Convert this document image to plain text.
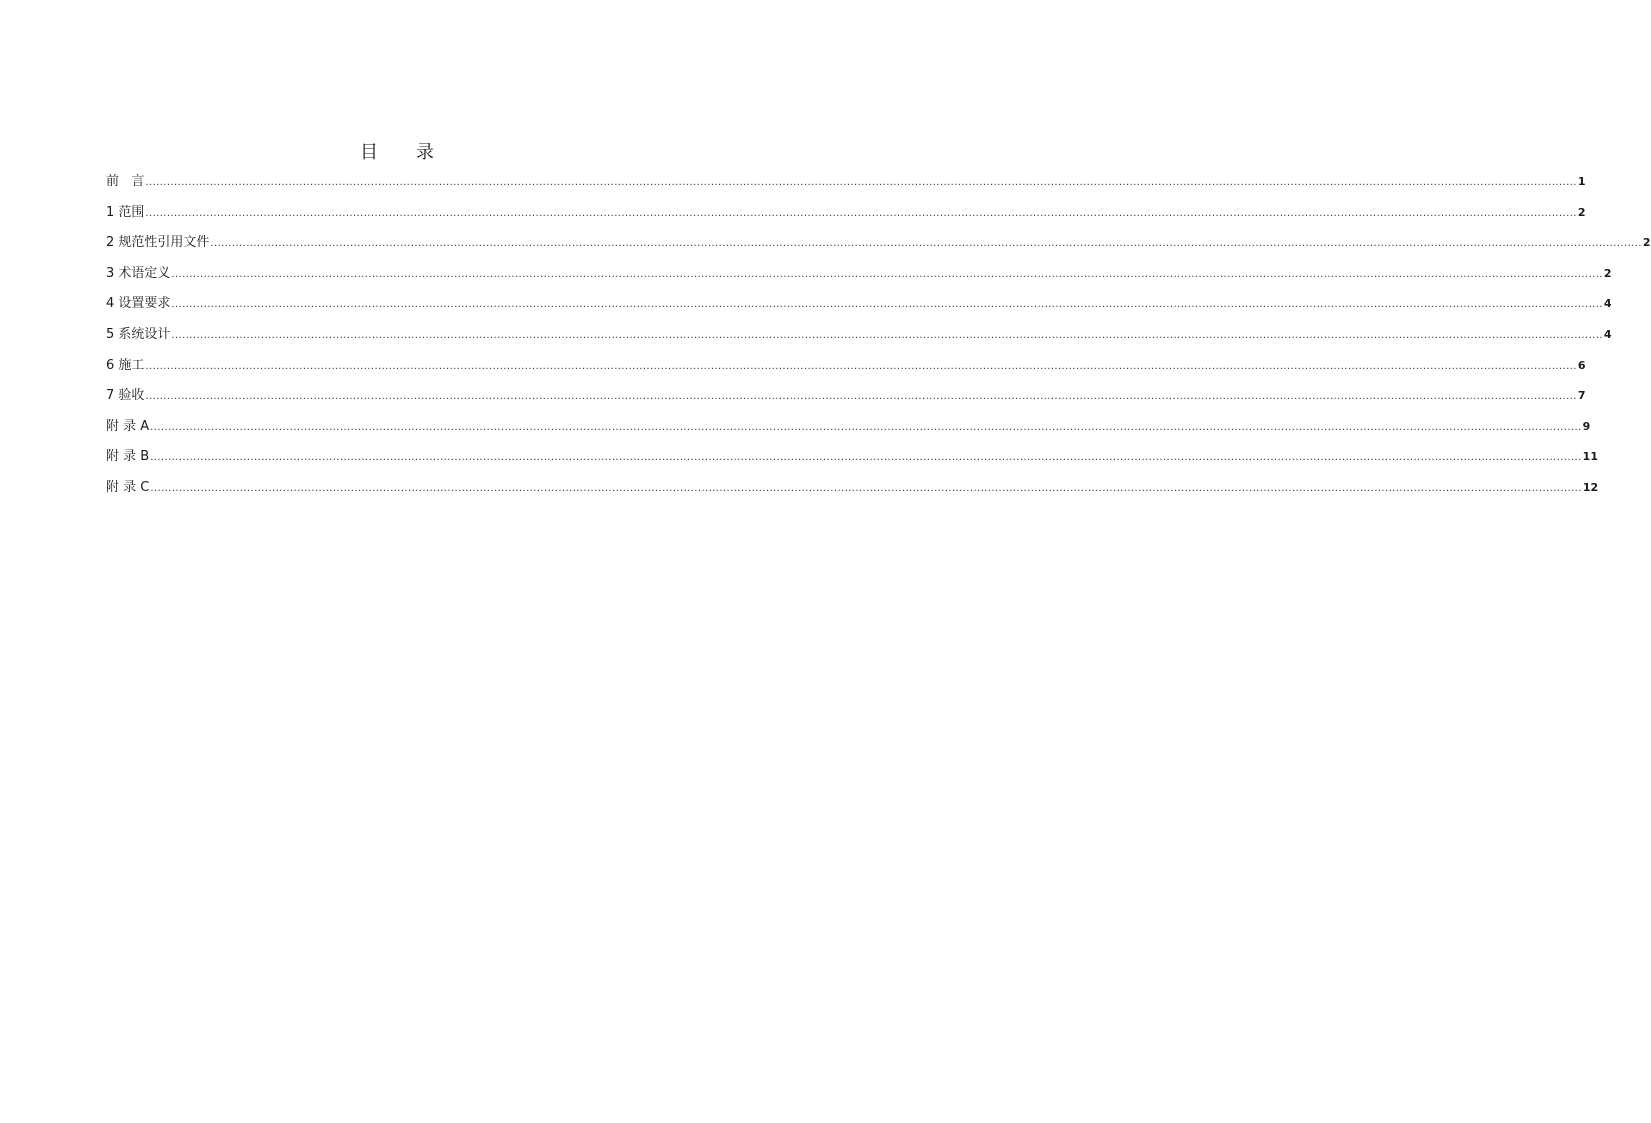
目 录
前   言 ................................................................................................................................................................................................................................................................................................................................................................................................................ 1
1 范围 ................................................................................................................................................................................................................................................................................................................................................................................................................ 2
2 规范性引用文件 ................................................................................................................................................................................................................................................................................................................................................................................................................ 2
3 术语定义 ................................................................................................................................................................................................................................................................................................................................................................................................................ 2
4 设置要求 ................................................................................................................................................................................................................................................................................................................................................................................................................ 4
5 系统设计 ................................................................................................................................................................................................................................................................................................................................................................................................................ 4
6 施工 ................................................................................................................................................................................................................................................................................................................................................................................................................ 6
7 验收 ................................................................................................................................................................................................................................................................................................................................................................................................................ 7
附 录 A ................................................................................................................................................................................................................................................................................................................................................................................................................ 9
附 录 B ................................................................................................................................................................................................................................................................................................................................................................................................................ 11
附 录 C ................................................................................................................................................................................................................................................................................................................................................................................................................ 12
